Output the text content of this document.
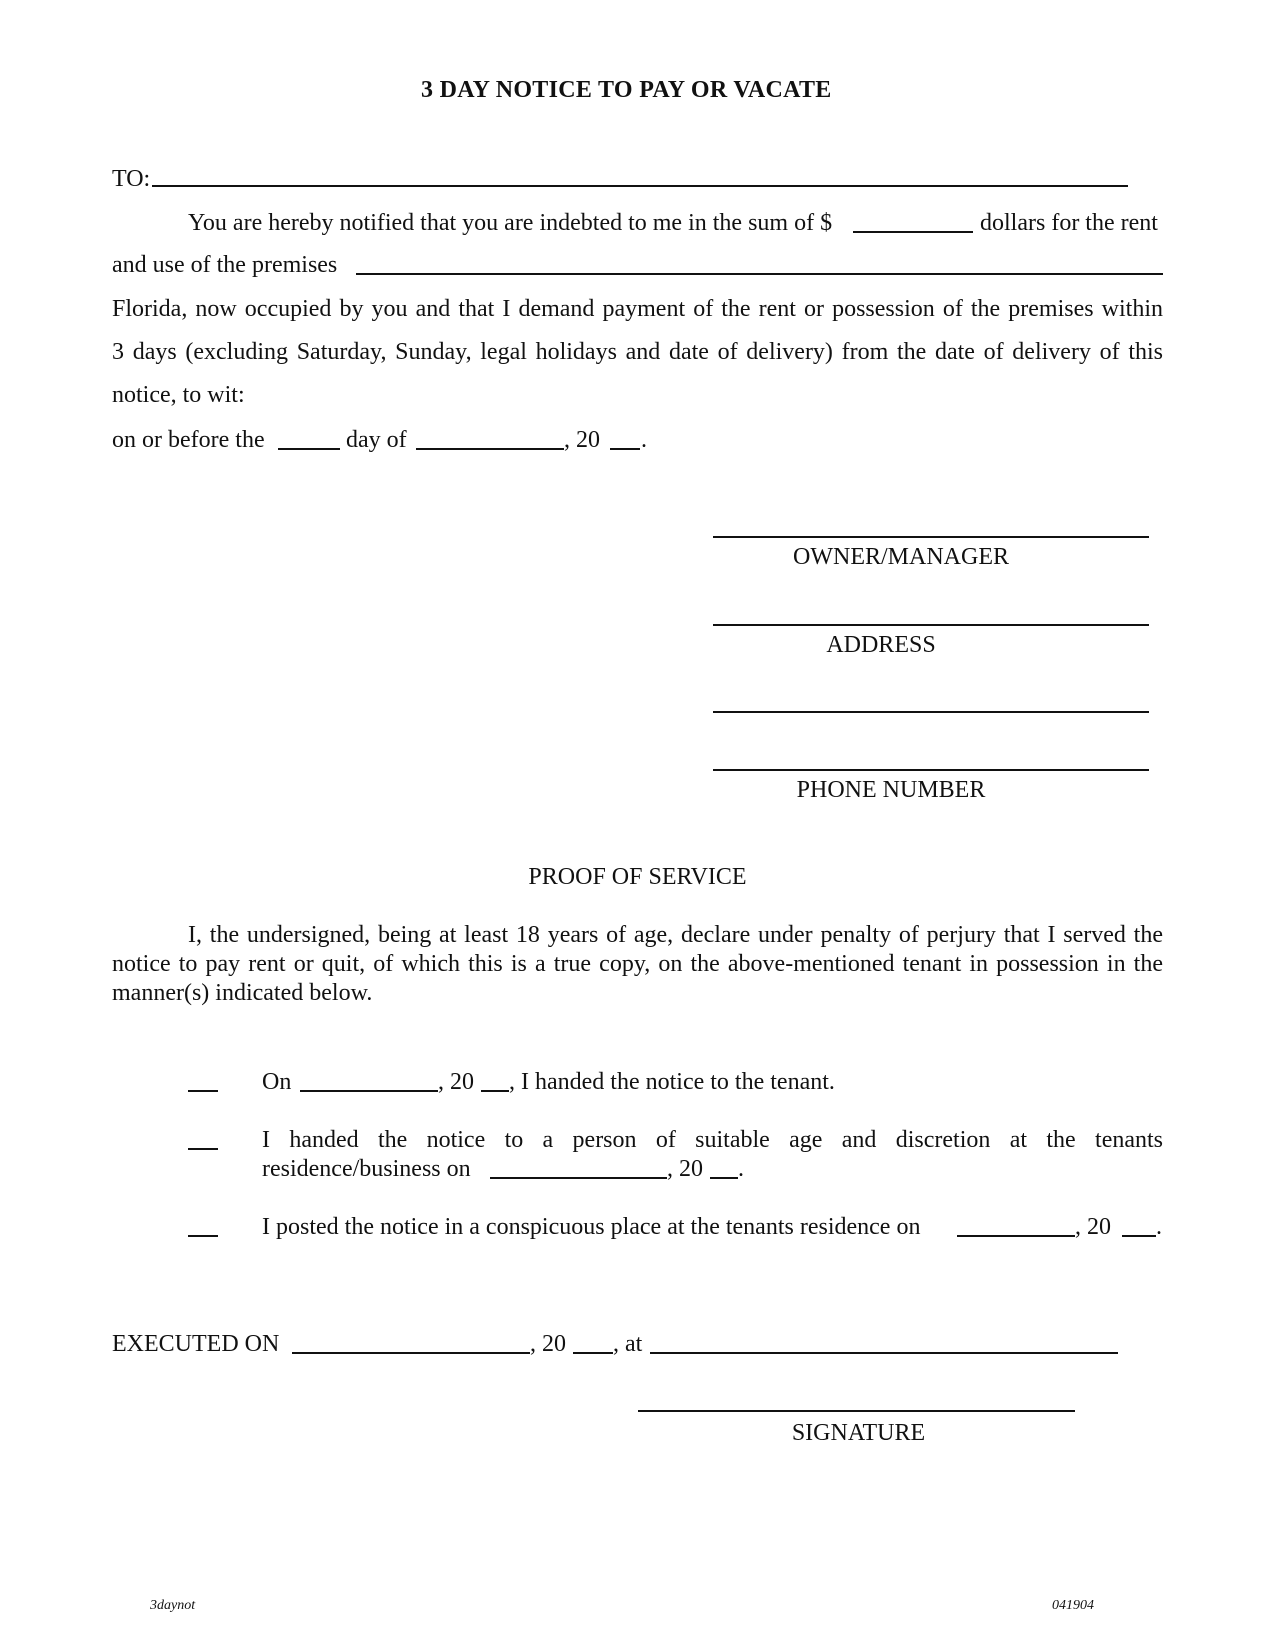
3 DAY NOTICE TO PAY OR VACATE
TO:
You are hereby notified that you are indebted to me in the sum of $	dollars for the rent
and use of the premises
Florida, now occupied by you and that I demand payment of the rent or possession of the premises within
3 days (excluding Saturday, Sunday, legal holidays and date of delivery) from the date of delivery of this
notice, to wit:
on or before the	day of	, 20 .
OWNER/MANAGER
ADDRESS
PHONE NUMBER
PROOF OF SERVICE
I, the undersigned, being at least 18 years of age, declare under penalty of perjury that I served the notice to pay rent or quit, of which this is a true copy, on the above-mentioned tenant in possession in the manner(s) indicated below.
On	, 20 , I handed the notice to the tenant.
I handed the notice to a person of suitable age and discretion at the tenants
residence/business on	, 20 .
I posted the notice in a conspicuous place at the tenants residence on	, 20 .
EXECUTED ON	, 20 , at
SIGNATURE
3daynot	041904
